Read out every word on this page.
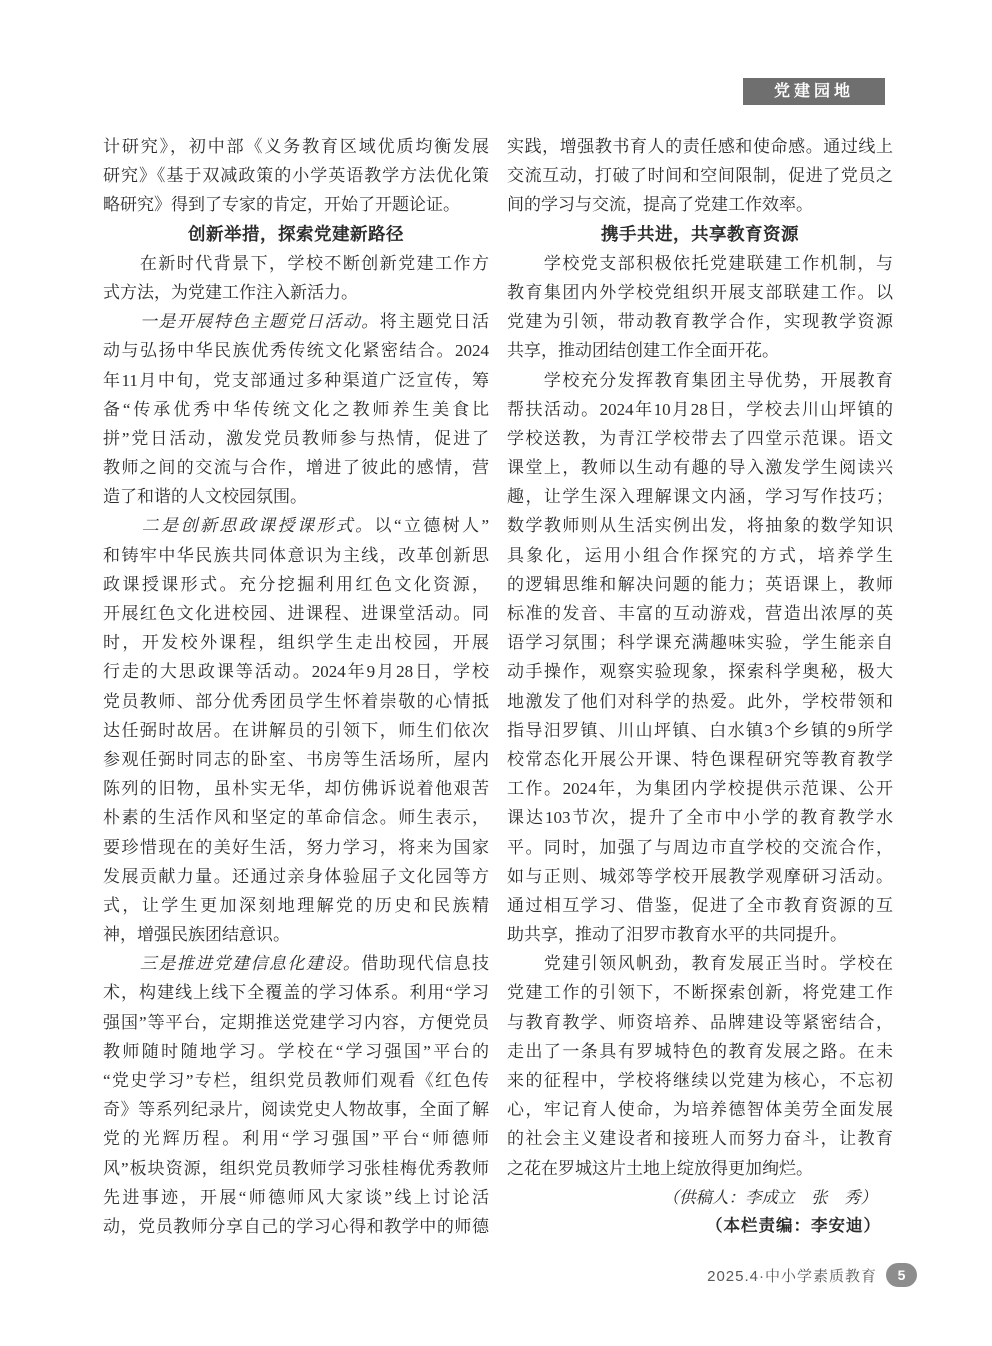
党建园地
计研究》，初中部《义务教育区域优质均衡发展
研究》《基于双减政策的小学英语教学方法优化策
略研究》得到了专家的肯定，开始了开题论证。
创新举措，探索党建新路径
　　在新时代背景下，学校不断创新党建工作方
式方法，为党建工作注入新活力。
　　一是开展特色主题党日活动。将主题党日活
动与弘扬中华民族优秀传统文化紧密结合。2024
年11月中旬，党支部通过多种渠道广泛宣传，筹
备“传承优秀中华传统文化之教师养生美食比
拼”党日活动，激发党员教师参与热情，促进了
教师之间的交流与合作，增进了彼此的感情，营
造了和谐的人文校园氛围。
　　二是创新思政课授课形式。以“立德树人”
和铸牢中华民族共同体意识为主线，改革创新思
政课授课形式。充分挖掘利用红色文化资源，
开展红色文化进校园、进课程、进课堂活动。同
时，开发校外课程，组织学生走出校园，开展
行走的大思政课等活动。2024年9月28日，学校
党员教师、部分优秀团员学生怀着崇敬的心情抵
达任弼时故居。在讲解员的引领下，师生们依次
参观任弼时同志的卧室、书房等生活场所，屋内
陈列的旧物，虽朴实无华，却仿佛诉说着他艰苦
朴素的生活作风和坚定的革命信念。师生表示，
要珍惜现在的美好生活，努力学习，将来为国家
发展贡献力量。还通过亲身体验屈子文化园等方
式，让学生更加深刻地理解党的历史和民族精
神，增强民族团结意识。
　　三是推进党建信息化建设。借助现代信息技
术，构建线上线下全覆盖的学习体系。利用“学习
强国”等平台，定期推送党建学习内容，方便党员
教师随时随地学习。学校在“学习强国”平台的
“党史学习”专栏，组织党员教师们观看《红色传
奇》等系列纪录片，阅读党史人物故事，全面了解
党的光辉历程。利用“学习强国”平台“师德师
风”板块资源，组织党员教师学习张桂梅优秀教师
先进事迹，开展“师德师风大家谈”线上讨论活
动，党员教师分享自己的学习心得和教学中的师德
实践，增强教书育人的责任感和使命感。通过线上
交流互动，打破了时间和空间限制，促进了党员之
间的学习与交流，提高了党建工作效率。
携手共进，共享教育资源
　　学校党支部积极依托党建联建工作机制，与
教育集团内外学校党组织开展支部联建工作。以
党建为引领，带动教育教学合作，实现教学资源
共享，推动团结创建工作全面开花。
　　学校充分发挥教育集团主导优势，开展教育
帮扶活动。2024年10月28日，学校去川山坪镇的
学校送教，为青江学校带去了四堂示范课。语文
课堂上，教师以生动有趣的导入激发学生阅读兴
趣，让学生深入理解课文内涵，学习写作技巧；
数学教师则从生活实例出发，将抽象的数学知识
具象化，运用小组合作探究的方式，培养学生
的逻辑思维和解决问题的能力；英语课上，教师
标准的发音、丰富的互动游戏，营造出浓厚的英
语学习氛围；科学课充满趣味实验，学生能亲自
动手操作，观察实验现象，探索科学奥秘，极大
地激发了他们对科学的热爱。此外，学校带领和
指导汨罗镇、川山坪镇、白水镇3个乡镇的9所学
校常态化开展公开课、特色课程研究等教育教学
工作。2024年，为集团内学校提供示范课、公开
课达103节次，提升了全市中小学的教育教学水
平。同时，加强了与周边市直学校的交流合作，
如与正则、城郊等学校开展教学观摩研习活动。
通过相互学习、借鉴，促进了全市教育资源的互
助共享，推动了汨罗市教育水平的共同提升。
　　党建引领风帆劲，教育发展正当时。学校在
党建工作的引领下，不断探索创新，将党建工作
与教育教学、师资培养、品牌建设等紧密结合，
走出了一条具有罗城特色的教育发展之路。在未
来的征程中，学校将继续以党建为核心，不忘初
心，牢记育人使命，为培养德智体美劳全面发展
的社会主义建设者和接班人而努力奋斗，让教育
之花在罗城这片土地上绽放得更加绚烂。
（供稿人：李成立　张　秀）
（本栏责编：李安迪）
2025.4·中小学素质教育	5
